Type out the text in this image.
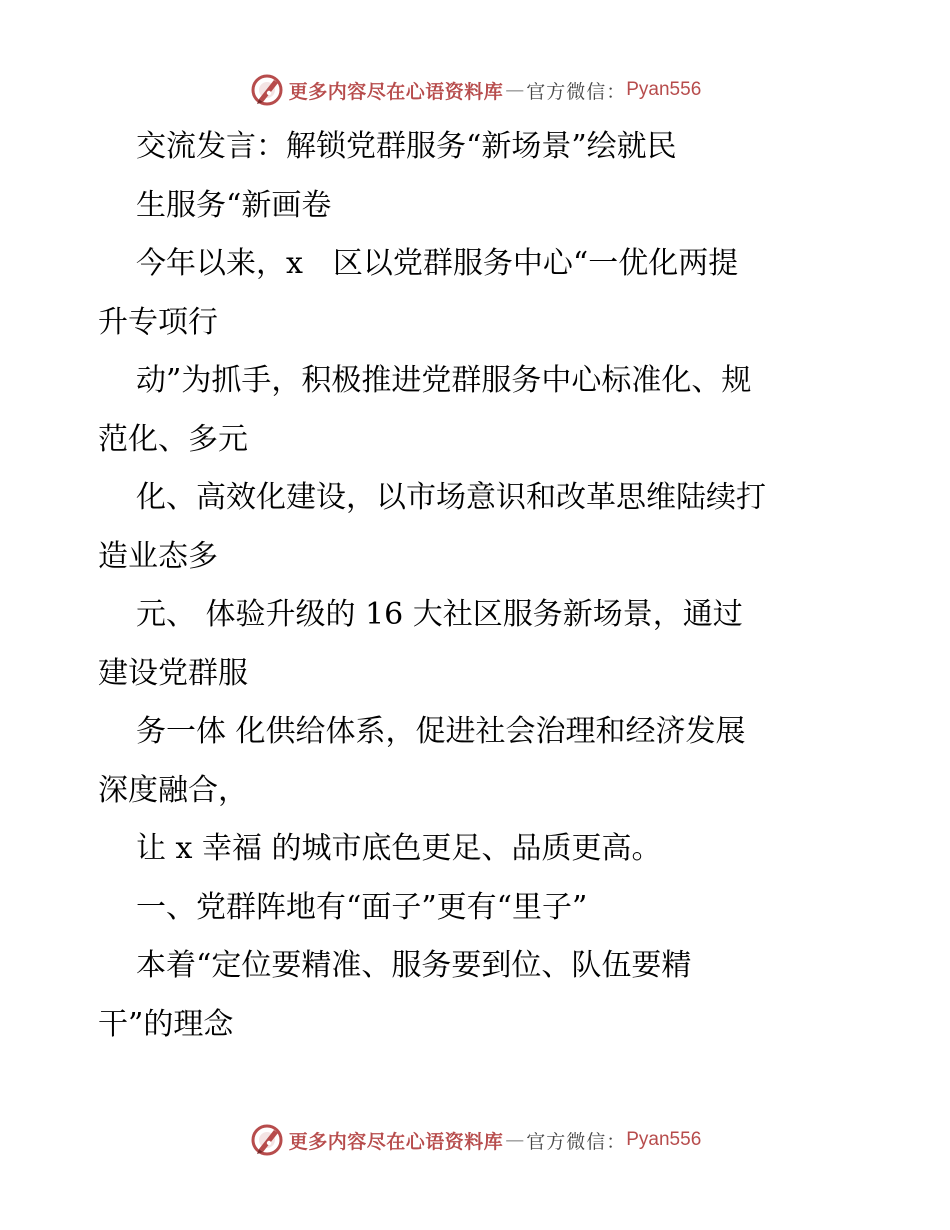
更多内容尽在心语资料库 — 官方微信： Pyan556
交流发言：解锁党群服务“新场景”绘就民
生服务“新画卷
今年以来，x　区以党群服务中心“一优化两提
升专项行
动”为抓手，积极推进党群服务中心标准化、规
范化、多元
化、高效化建设，以市场意识和改革思维陆续打
造业态多
元、 体验升级的 16 大社区服务新场景，通过
建设党群服
务一体 化供给体系，促进社会治理和经济发展
深度融合，
让 x 幸福 的城市底色更足、品质更高。
一、党群阵地有“面子”更有“里子”
本着“定位要精准、服务要到位、队伍要精
干”的理念
更多内容尽在心语资料库 — 官方微信： Pyan556
